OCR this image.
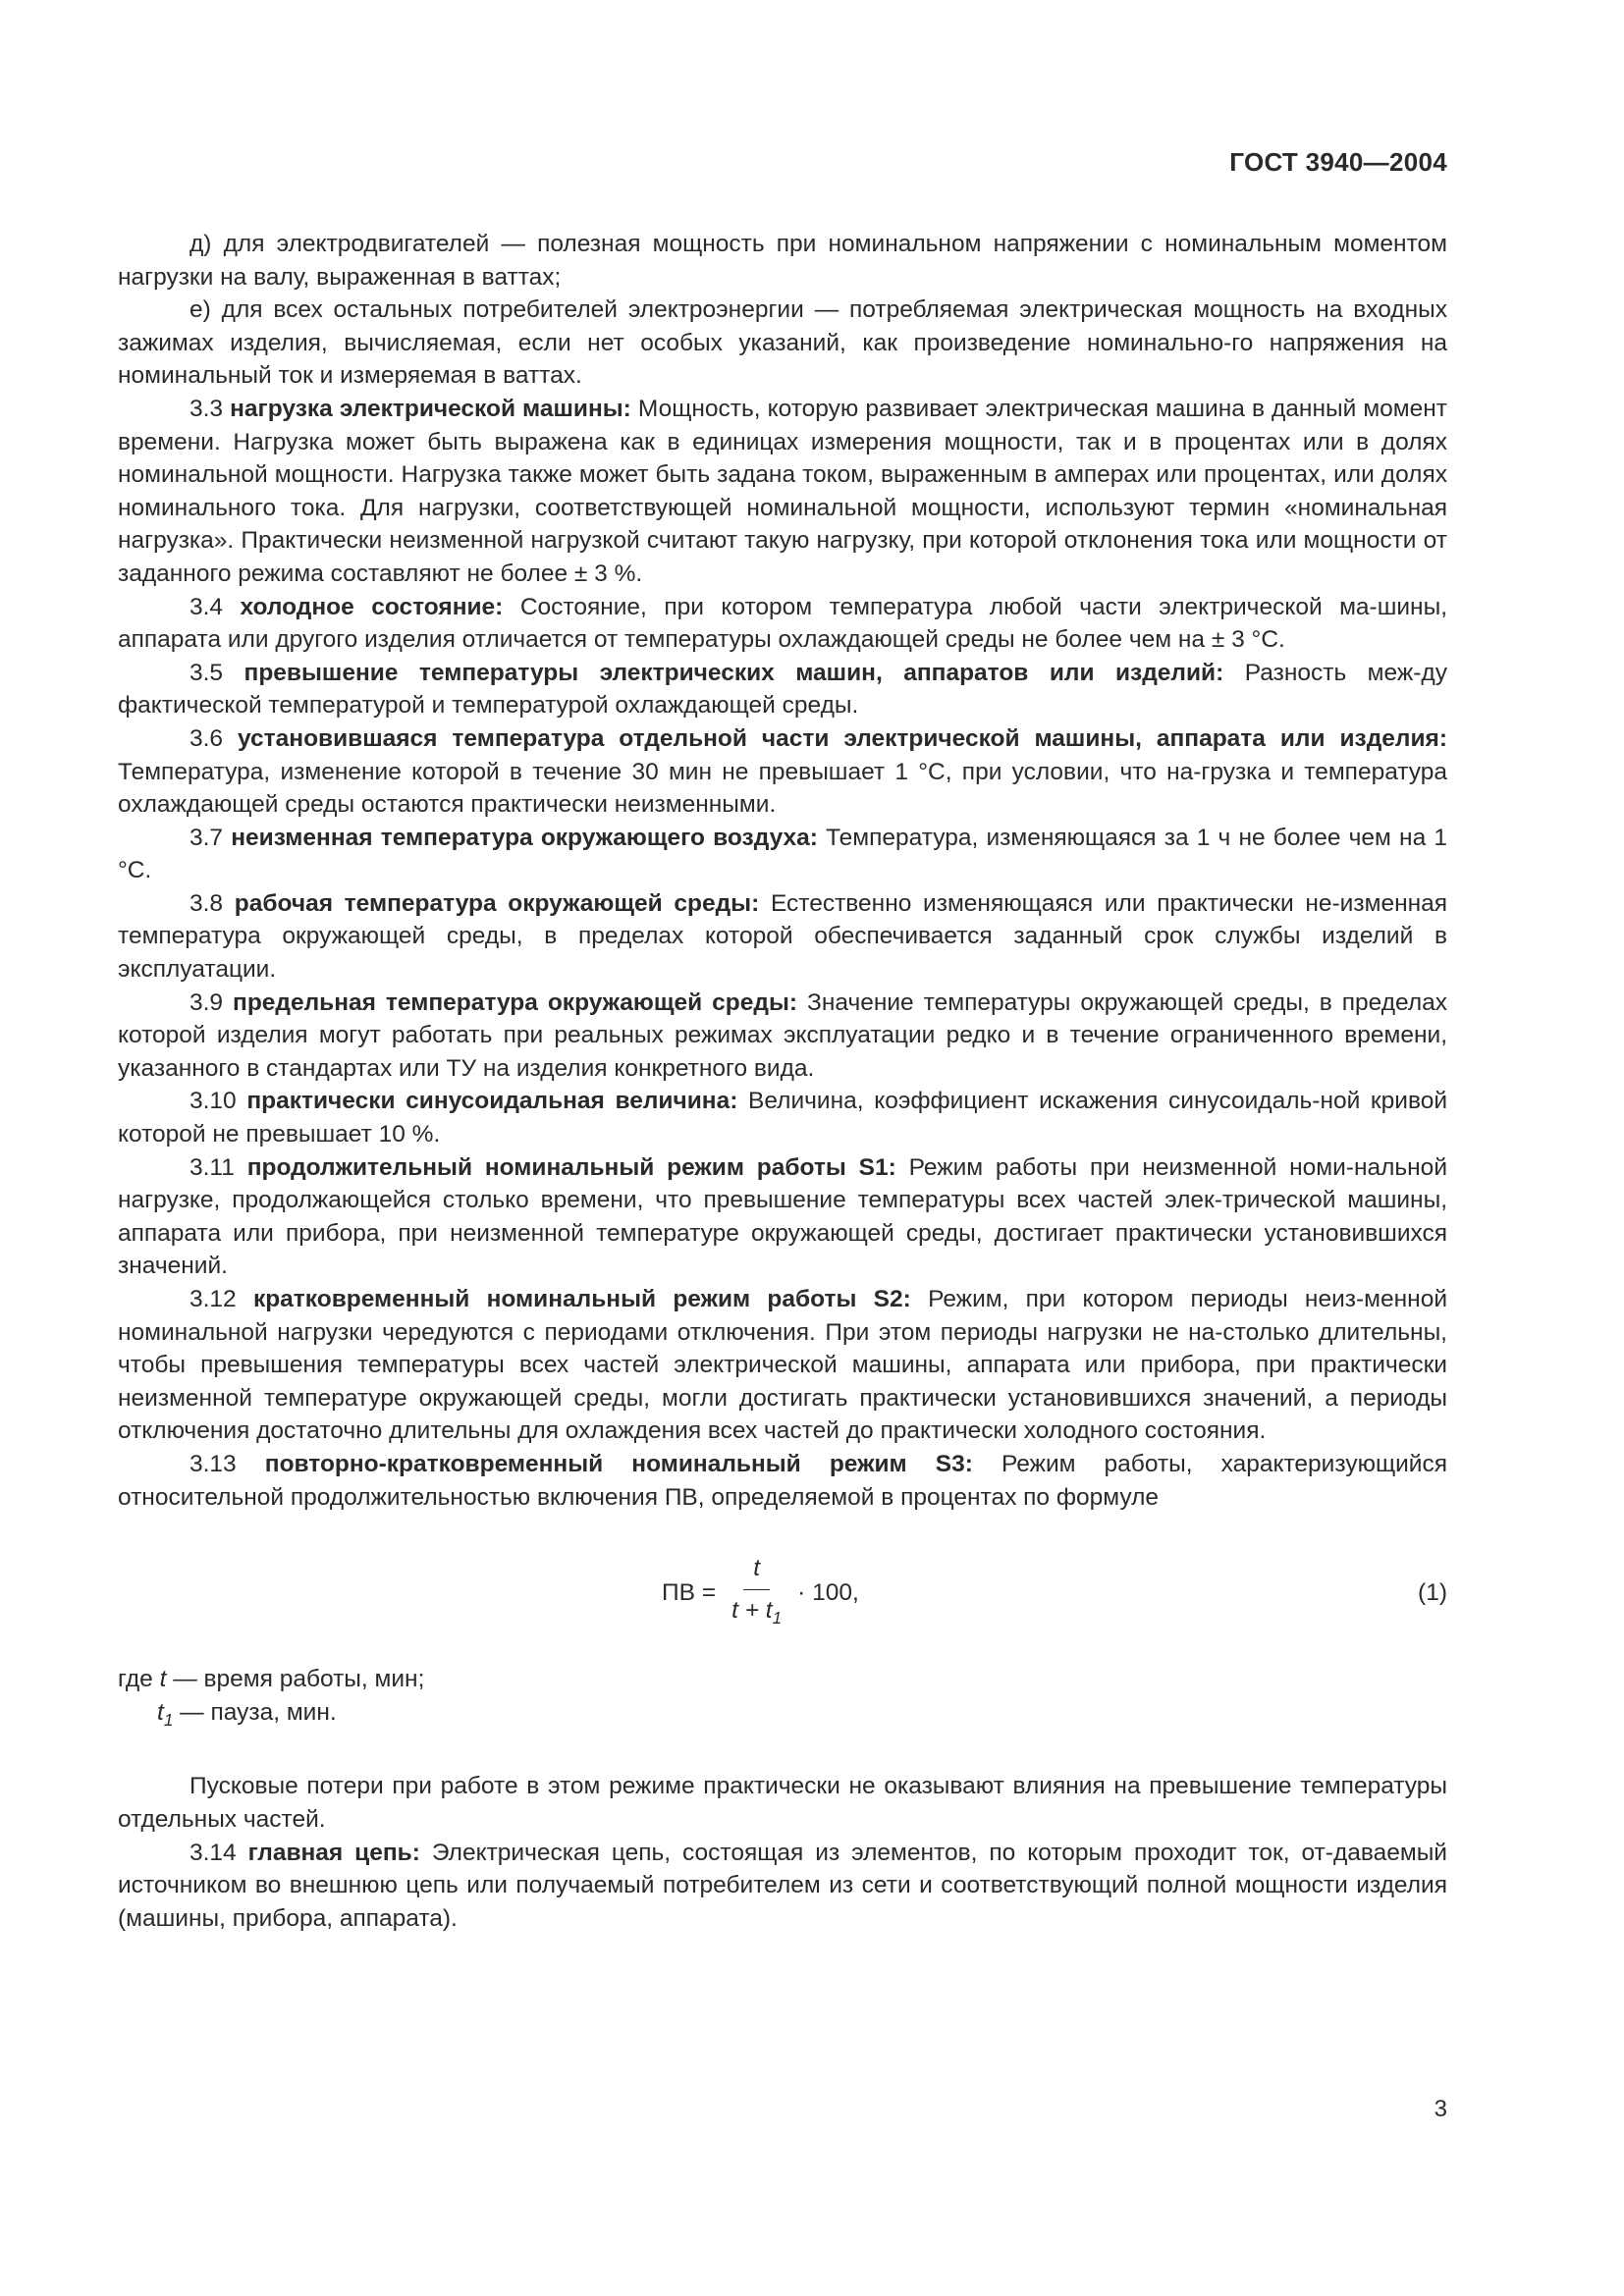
ГОСТ 3940—2004

д) для электродвигателей — полезная мощность при номинальном напряжении с номинальным моментом нагрузки на валу, выраженная в ваттах;

е) для всех остальных потребителей электроэнергии — потребляемая электрическая мощность на входных зажимах изделия, вычисляемая, если нет особых указаний, как произведение номинально-го напряжения на номинальный ток и измеряемая в ваттах.

3.3 нагрузка электрической машины: Мощность, которую развивает электрическая машина в данный момент времени. Нагрузка может быть выражена как в единицах измерения мощности, так и в процентах или в долях номинальной мощности. Нагрузка также может быть задана током, выраженным в амперах или процентах, или долях номинального тока. Для нагрузки, соответствующей номинальной мощности, используют термин «номинальная нагрузка». Практически неизменной нагрузкой считают такую нагрузку, при которой отклонения тока или мощности от заданного режима составляют не более ± 3 %.

3.4 холодное состояние: Состояние, при котором температура любой части электрической ма-шины, аппарата или другого изделия отличается от температуры охлаждающей среды не более чем на ± 3 °C.

3.5 превышение температуры электрических машин, аппаратов или изделий: Разность меж-ду фактической температурой и температурой охлаждающей среды.

3.6 установившаяся температура отдельной части электрической машины, аппарата или изделия: Температура, изменение которой в течение 30 мин не превышает 1 °C, при условии, что на-грузка и температура охлаждающей среды остаются практически неизменными.

3.7 неизменная температура окружающего воздуха: Температура, изменяющаяся за 1 ч не более чем на 1 °C.

3.8 рабочая температура окружающей среды: Естественно изменяющаяся или практически не-изменная температура окружающей среды, в пределах которой обеспечивается заданный срок службы изделий в эксплуатации.

3.9 предельная температура окружающей среды: Значение температуры окружающей среды, в пределах которой изделия могут работать при реальных режимах эксплуатации редко и в течение ограниченного времени, указанного в стандартах или ТУ на изделия конкретного вида.

3.10 практически синусоидальная величина: Величина, коэффициент искажения синусоидаль-ной кривой которой не превышает 10 %.

3.11 продолжительный номинальный режим работы S1: Режим работы при неизменной номи-нальной нагрузке, продолжающейся столько времени, что превышение температуры всех частей элек-трической машины, аппарата или прибора, при неизменной температуре окружающей среды, достигает практически установившихся значений.

3.12 кратковременный номинальный режим работы S2: Режим, при котором периоды неиз-менной номинальной нагрузки чередуются с периодами отключения. При этом периоды нагрузки не на-столько длительны, чтобы превышения температуры всех частей электрической машины, аппарата или прибора, при практически неизменной температуре окружающей среды, могли достигать практически установившихся значений, а периоды отключения достаточно длительны для охлаждения всех частей до практически холодного состояния.

3.13 повторно-кратковременный номинальный режим S3: Режим работы, характеризующийся относительной продолжительностью включения ПВ, определяемой в процентах по формуле

ПВ = $\frac{t}{t + t_1} \cdot 100$,	(1)
где t — время работы, мин;
$t_1$ — пауза, мин.

Пусковые потери при работе в этом режиме практически не оказывают влияния на превышение температуры отдельных частей.

3.14 главная цепь: Электрическая цепь, состоящая из элементов, по которым проходит ток, от-даваемый источником во внешнюю цепь или получаемый потребителем из сети и соответствующий полной мощности изделия (машины, прибора, аппарата).

3
